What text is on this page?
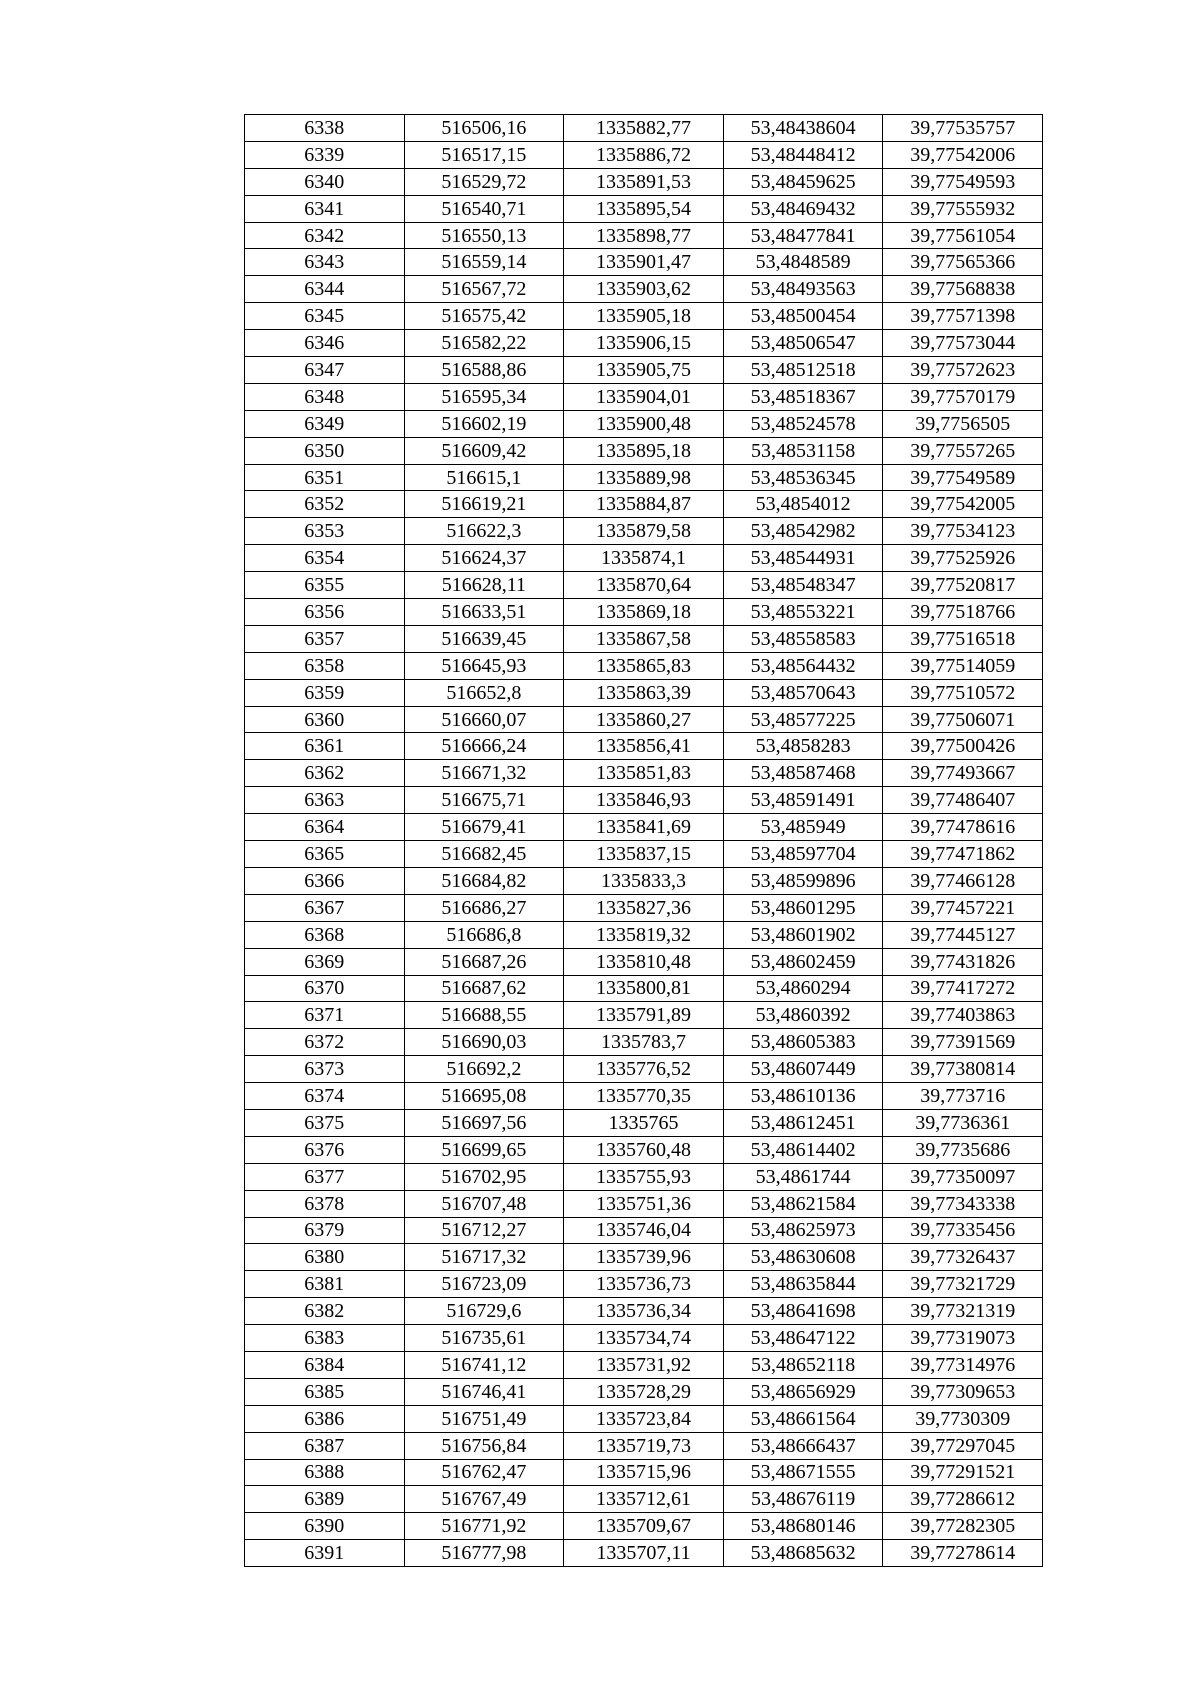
6338	516506,16	1335882,77	53,48438604	39,77535757
6339	516517,15	1335886,72	53,48448412	39,77542006
6340	516529,72	1335891,53	53,48459625	39,77549593
6341	516540,71	1335895,54	53,48469432	39,77555932
6342	516550,13	1335898,77	53,48477841	39,77561054
6343	516559,14	1335901,47	53,4848589	39,77565366
6344	516567,72	1335903,62	53,48493563	39,77568838
6345	516575,42	1335905,18	53,48500454	39,77571398
6346	516582,22	1335906,15	53,48506547	39,77573044
6347	516588,86	1335905,75	53,48512518	39,77572623
6348	516595,34	1335904,01	53,48518367	39,77570179
6349	516602,19	1335900,48	53,48524578	39,7756505
6350	516609,42	1335895,18	53,48531158	39,77557265
6351	516615,1	1335889,98	53,48536345	39,77549589
6352	516619,21	1335884,87	53,4854012	39,77542005
6353	516622,3	1335879,58	53,48542982	39,77534123
6354	516624,37	1335874,1	53,48544931	39,77525926
6355	516628,11	1335870,64	53,48548347	39,77520817
6356	516633,51	1335869,18	53,48553221	39,77518766
6357	516639,45	1335867,58	53,48558583	39,77516518
6358	516645,93	1335865,83	53,48564432	39,77514059
6359	516652,8	1335863,39	53,48570643	39,77510572
6360	516660,07	1335860,27	53,48577225	39,77506071
6361	516666,24	1335856,41	53,4858283	39,77500426
6362	516671,32	1335851,83	53,48587468	39,77493667
6363	516675,71	1335846,93	53,48591491	39,77486407
6364	516679,41	1335841,69	53,485949	39,77478616
6365	516682,45	1335837,15	53,48597704	39,77471862
6366	516684,82	1335833,3	53,48599896	39,77466128
6367	516686,27	1335827,36	53,48601295	39,77457221
6368	516686,8	1335819,32	53,48601902	39,77445127
6369	516687,26	1335810,48	53,48602459	39,77431826
6370	516687,62	1335800,81	53,4860294	39,77417272
6371	516688,55	1335791,89	53,4860392	39,77403863
6372	516690,03	1335783,7	53,48605383	39,77391569
6373	516692,2	1335776,52	53,48607449	39,77380814
6374	516695,08	1335770,35	53,48610136	39,773716
6375	516697,56	1335765	53,48612451	39,7736361
6376	516699,65	1335760,48	53,48614402	39,7735686
6377	516702,95	1335755,93	53,4861744	39,77350097
6378	516707,48	1335751,36	53,48621584	39,77343338
6379	516712,27	1335746,04	53,48625973	39,77335456
6380	516717,32	1335739,96	53,48630608	39,77326437
6381	516723,09	1335736,73	53,48635844	39,77321729
6382	516729,6	1335736,34	53,48641698	39,77321319
6383	516735,61	1335734,74	53,48647122	39,77319073
6384	516741,12	1335731,92	53,48652118	39,77314976
6385	516746,41	1335728,29	53,48656929	39,77309653
6386	516751,49	1335723,84	53,48661564	39,7730309
6387	516756,84	1335719,73	53,48666437	39,77297045
6388	516762,47	1335715,96	53,48671555	39,77291521
6389	516767,49	1335712,61	53,48676119	39,77286612
6390	516771,92	1335709,67	53,48680146	39,77282305
6391	516777,98	1335707,11	53,48685632	39,77278614
